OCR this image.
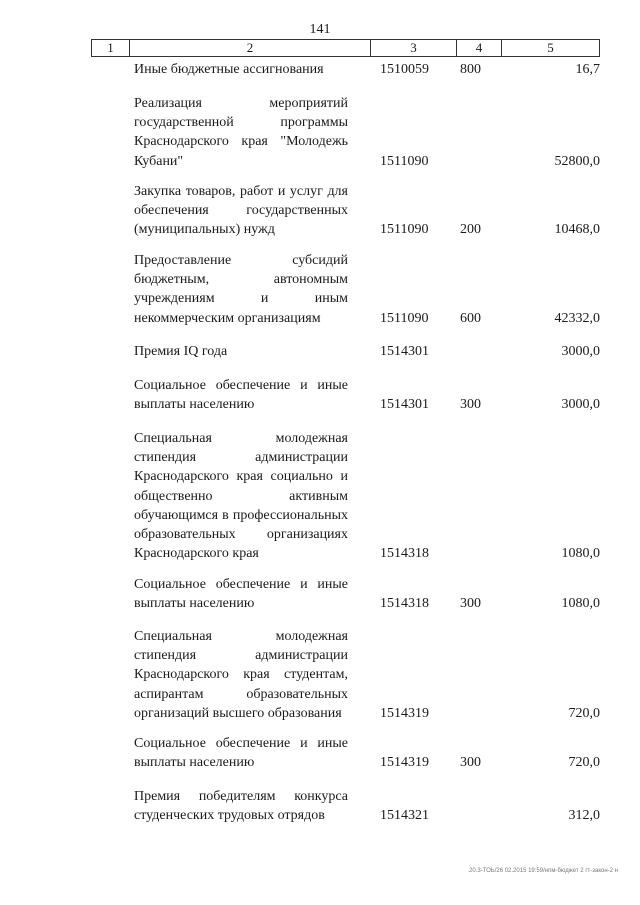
141
1	2	3	4	5
Иные бюджетные ассигнования	1510059 800	16,7
Реализация мероприятий государственной программы Краснодарского края "Молодежь Кубани"	1511090	52800,0
Закупка товаров, работ и услуг для обеспечения государственных (муниципальных) нужд	1511090 200	10468,0
Предоставление субсидий бюджетным, автономным учреждениям и иным некоммерческим организациям	1511090 600	42332,0
Премия IQ года	1514301	3000,0
Социальное обеспечение и иные выплаты населению	1514301 300	3000,0
Специальная молодежная стипендия администрации Краснодарского края социально и общественно активным обучающимся в профессиональных образовательных организациях Краснодарского края	1514318	1080,0
Социальное обеспечение и иные выплаты населению	1514318 300	1080,0
Специальная молодежная стипендия администрации Краснодарского края студентам, аспирантам образовательных организаций высшего образования	1514319	720,0
Социальное обеспечение и иные выплаты населению	1514319 300	720,0
Премия победителям конкурса студенческих трудовых отрядов	1514321	312,0
20.3-ТОЬ/26 02.2015 19:59/нпм-бюджет 2 гт-закон-2 н
